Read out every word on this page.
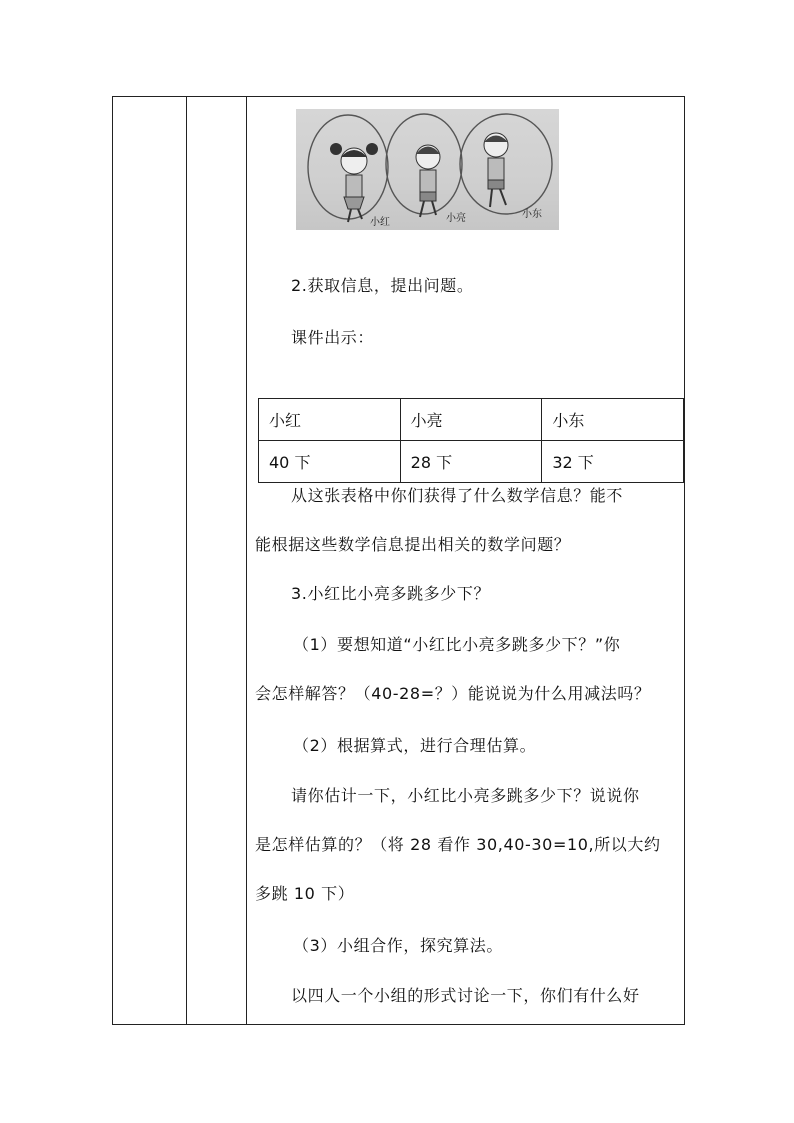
小红	小亮	小东
2.获取信息，提出问题。
课件出示：
小红	小亮	小东
40 下	28 下	32 下
从这张表格中你们获得了什么数学信息？能不
能根据这些数学信息提出相关的数学问题？
3.小红比小亮多跳多少下？
（1）要想知道“小红比小亮多跳多少下？”你
会怎样解答？（40-28=？）能说说为什么用减法吗？
（2）根据算式，进行合理估算。
请你估计一下，小红比小亮多跳多少下？说说你
是怎样估算的？（将 28 看作 30,40-30=10,所以大约
多跳 10 下）
（3）小组合作，探究算法。
以四人一个小组的形式讨论一下，你们有什么好
